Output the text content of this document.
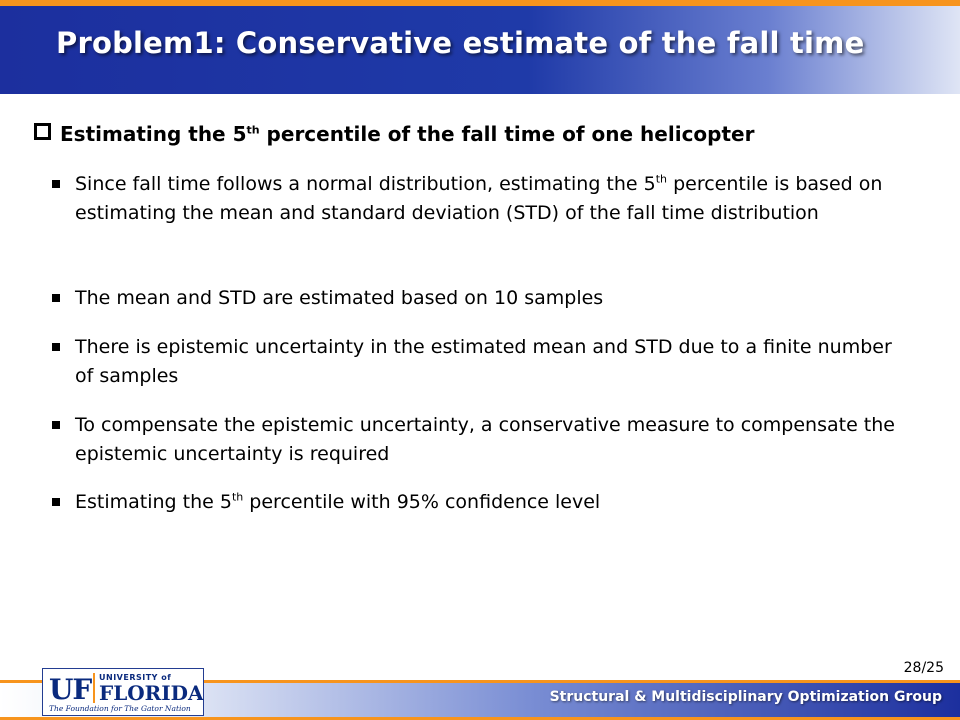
Problem1: Conservative estimate of the fall time
Estimating the 5th percentile of the fall time of one helicopter
Since fall time follows a normal distribution, estimating the 5th percentile is based on estimating the mean and standard deviation (STD) of the fall time distribution
The mean and STD are estimated based on 10 samples
There is epistemic uncertainty in the estimated mean and STD due to a finite number of samples
To compensate the epistemic uncertainty, a conservative measure to compensate the epistemic uncertainty is required
Estimating the 5th percentile with 95% confidence level
28/25
Structural & Multidisciplinary Optimization Group
UF UNIVERSITY of
FLORIDA
The Foundation for The Gator Nation
